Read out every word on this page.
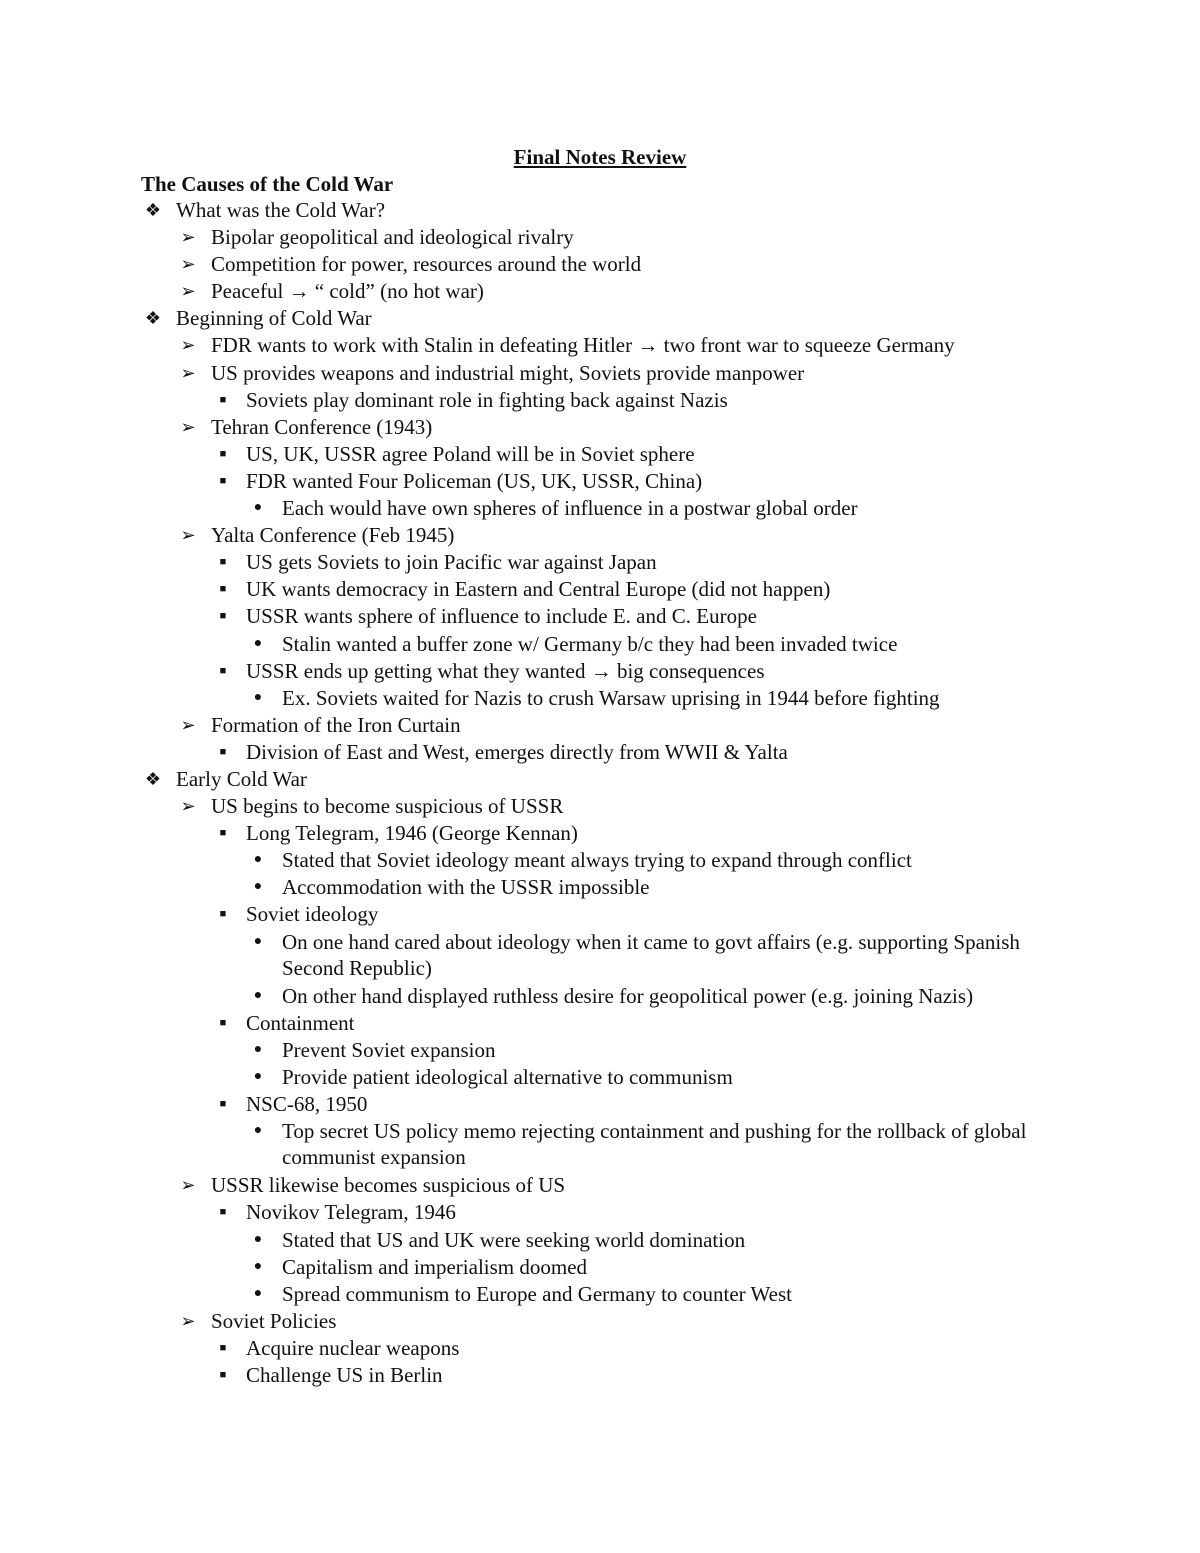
Final Notes Review
The Causes of the Cold War
❖ What was the Cold War?
➢ Bipolar geopolitical and ideological rivalry
➢ Competition for power, resources around the world
➢ Peaceful → “ cold” (no hot war)
❖ Beginning of Cold War
➢ FDR wants to work with Stalin in defeating Hitler → two front war to squeeze Germany
➢ US provides weapons and industrial might, Soviets provide manpower
■ Soviets play dominant role in fighting back against Nazis
➢ Tehran Conference (1943)
■ US, UK, USSR agree Poland will be in Soviet sphere
■ FDR wanted Four Policeman (US, UK, USSR, China)
● Each would have own spheres of influence in a postwar global order
➢ Yalta Conference (Feb 1945)
■ US gets Soviets to join Pacific war against Japan
■ UK wants democracy in Eastern and Central Europe (did not happen)
■ USSR wants sphere of influence to include E. and C. Europe
● Stalin wanted a buffer zone w/ Germany b/c they had been invaded twice
■ USSR ends up getting what they wanted → big consequences
● Ex. Soviets waited for Nazis to crush Warsaw uprising in 1944 before fighting
➢ Formation of the Iron Curtain
■ Division of East and West, emerges directly from WWII & Yalta
❖ Early Cold War
➢ US begins to become suspicious of USSR
■ Long Telegram, 1946 (George Kennan)
● Stated that Soviet ideology meant always trying to expand through conflict
● Accommodation with the USSR impossible
■ Soviet ideology
● On one hand cared about ideology when it came to govt affairs (e.g. supporting Spanish Second Republic)
● On other hand displayed ruthless desire for geopolitical power (e.g. joining Nazis)
■ Containment
● Prevent Soviet expansion
● Provide patient ideological alternative to communism
■ NSC-68, 1950
● Top secret US policy memo rejecting containment and pushing for the rollback of global communist expansion
➢ USSR likewise becomes suspicious of US
■ Novikov Telegram, 1946
● Stated that US and UK were seeking world domination
● Capitalism and imperialism doomed
● Spread communism to Europe and Germany to counter West
➢ Soviet Policies
■ Acquire nuclear weapons
■ Challenge US in Berlin
